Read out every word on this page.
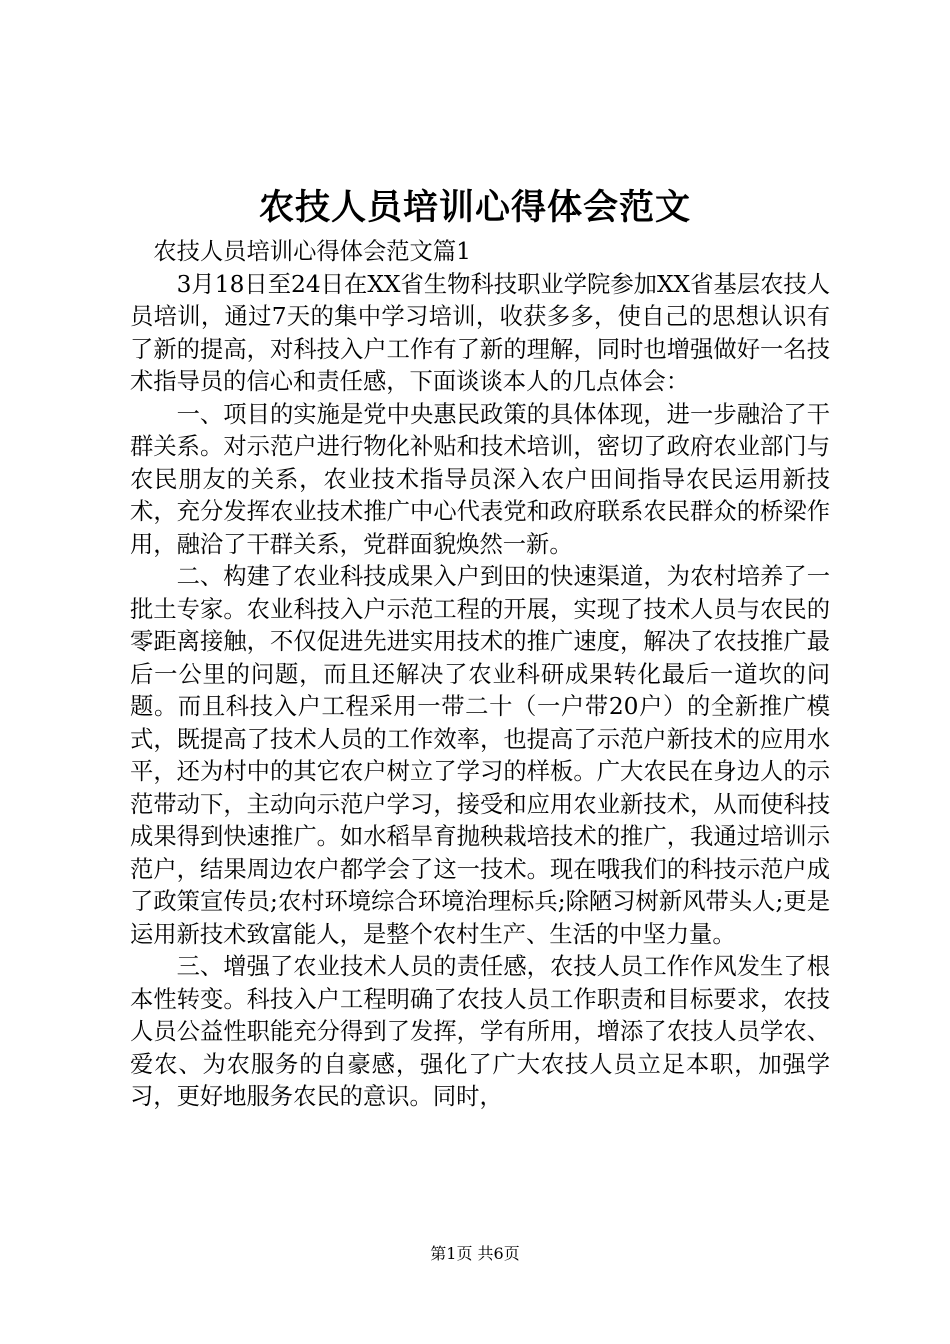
农技人员培训心得体会范文

农技人员培训心得体会范文篇1

3月18日至24日在XX省生物科技职业学院参加XX省基层农技人员培训，通过7天的集中学习培训，收获多多，使自己的思想认识有了新的提高，对科技入户工作有了新的理解，同时也增强做好一名技术指导员的信心和责任感，下面谈谈本人的几点体会：

一、项目的实施是党中央惠民政策的具体体现，进一步融洽了干群关系。对示范户进行物化补贴和技术培训，密切了政府农业部门与农民朋友的关系，农业技术指导员深入农户田间指导农民运用新技术，充分发挥农业技术推广中心代表党和政府联系农民群众的桥梁作用，融洽了干群关系，党群面貌焕然一新。

二、构建了农业科技成果入户到田的快速渠道，为农村培养了一批土专家。农业科技入户示范工程的开展，实现了技术人员与农民的零距离接触，不仅促进先进实用技术的推广速度，解决了农技推广最后一公里的问题，而且还解决了农业科研成果转化最后一道坎的问题。而且科技入户工程采用一带二十（一户带20户）的全新推广模式，既提高了技术人员的工作效率，也提高了示范户新技术的应用水平，还为村中的其它农户树立了学习的样板。广大农民在身边人的示范带动下，主动向示范户学习，接受和应用农业新技术，从而使科技成果得到快速推广。如水稻旱育抛秧栽培技术的推广，我通过培训示范户，结果周边农户都学会了这一技术。现在哦我们的科技示范户成了政策宣传员;农村环境综合环境治理标兵;除陋习树新风带头人;更是运用新技术致富能人，是整个农村生产、生活的中坚力量。

三、增强了农业技术人员的责任感，农技人员工作作风发生了根本性转变。科技入户工程明确了农技人员工作职责和目标要求，农技人员公益性职能充分得到了发挥，学有所用，增添了农技人员学农、爱农、为农服务的自豪感，强化了广大农技人员立足本职，加强学习，更好地服务农民的意识。同时，

第1页 共6页
